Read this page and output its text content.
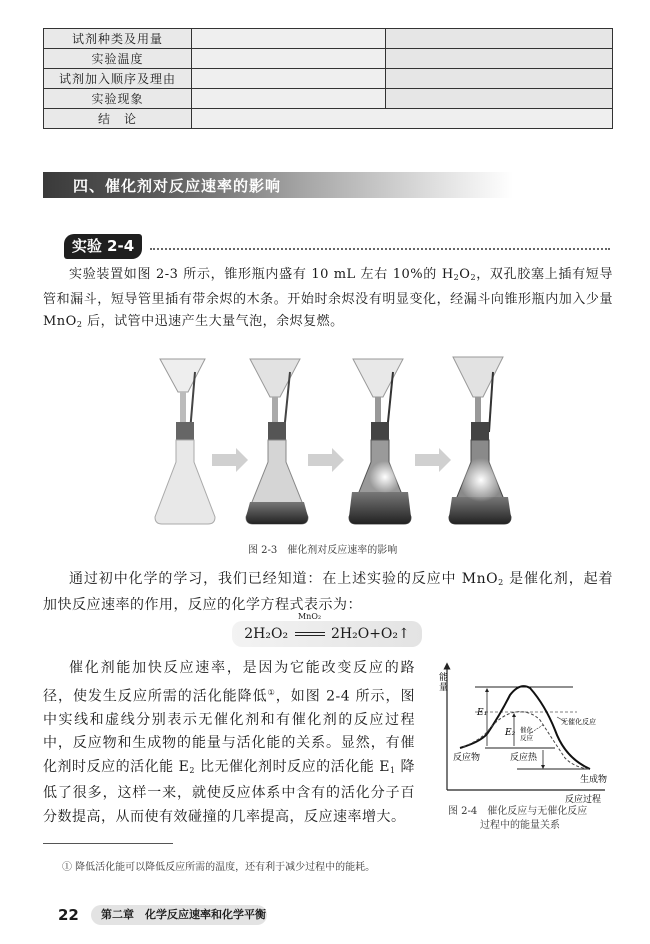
试剂种类及用量		
实验温度		
试剂加入顺序及理由		
实验现象		
结　论		
四、催化剂对反应速率的影响
实验 2-4
实验装置如图 2-3 所示，锥形瓶内盛有 10 mL 左右 10%的 $H_2O_2$，双孔胶塞上插有短导管和漏斗，短导管里插有带余烬的木条。开始时余烬没有明显变化，经漏斗向锥形瓶内加入少量 MnO$_2$ 后，试管中迅速产生大量气泡，余烬复燃。
图 2-3　催化剂对反应速率的影响
通过初中化学的学习，我们已经知道：在上述实验的反应中 MnO$_2$ 是催化剂，起着加快反应速率的作用，反应的化学方程式表示为：
2H₂O₂
MnO₂
2H₂O+O₂↑
催化剂能加快反应速率，是因为它能改变反应的路径，使发生反应所需的活化能降低①，如图 2-4 所示，图中实线和虚线分别表示无催化剂和有催化剂的反应过程中，反应物和生成物的能量与活化能的关系。显然，有催化剂时反应的活化能 $E_2$ 比无催化剂时反应的活化能 $E_1$ 降低了很多，这样一来，就使反应体系中含有的活化分子百分数提高，从而使有效碰撞的几率提高，反应速率增大。
能
量
E₁
E₂ 催化
反应
无催化反应
反应物	反应热
生成物
反应过程
图 2-4　催化反应与无催化反应
过程中的能量关系
① 降低活化能可以降低反应所需的温度，还有利于减少过程中的能耗。
22	第二章　化学反应速率和化学平衡
